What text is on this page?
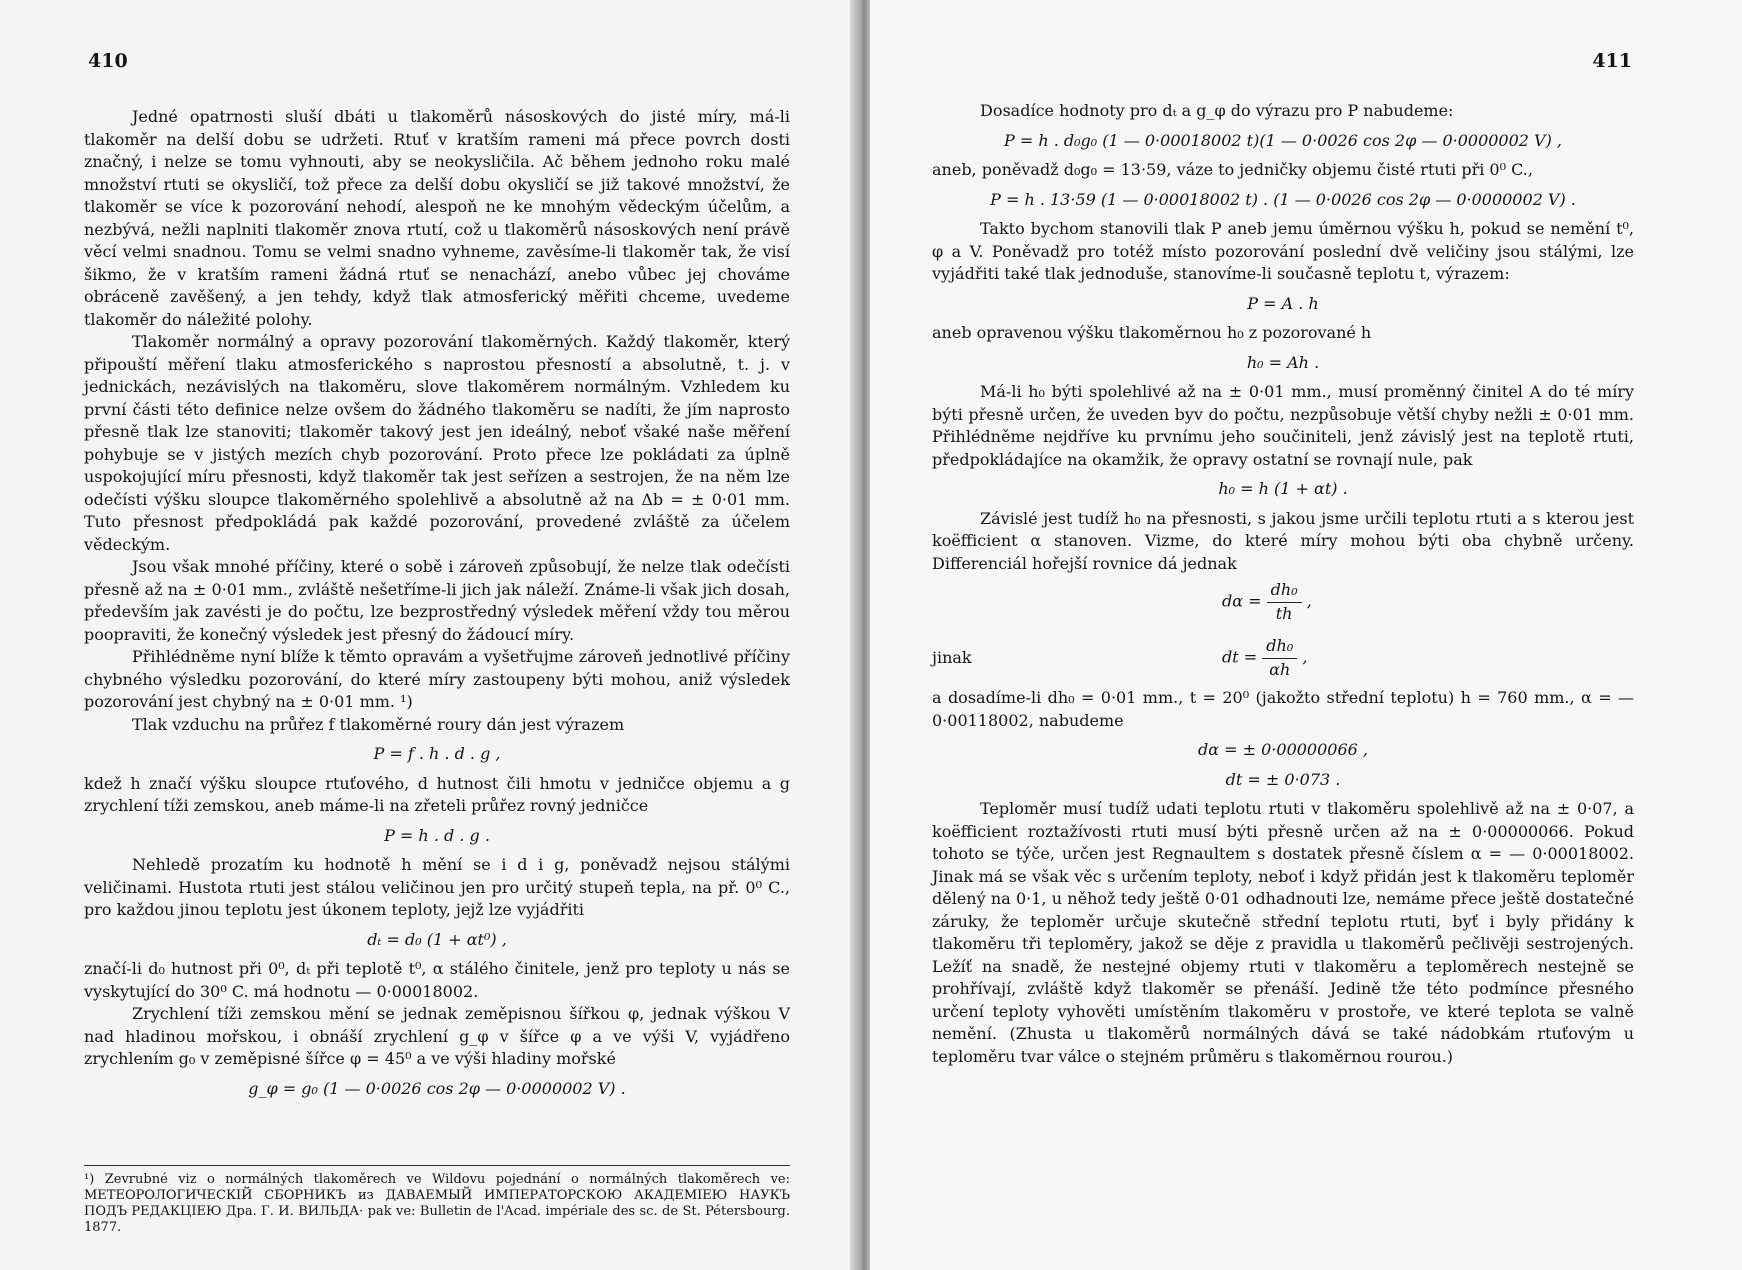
410

Jedné opatrnosti sluší dbáti u tlakoměrů násoskových do jisté míry, má-li tlakoměr na delší dobu se udržeti. Rtuť v kratším rameni má přece povrch dosti značný, i nelze se tomu vyhnouti, aby se neokysličila. Ač během jednoho roku malé množství rtuti se okysličí, tož přece za delší dobu okysličí se již takové množství, že tlakoměr se více k pozorování nehodí, alespoň ne ke mnohým vědeckým účelům, a nezbývá, nežli naplniti tlakoměr znova rtutí, což u tlakoměrů násoskových není právě věcí velmi snadnou. Tomu se velmi snadno vyhneme, zavěsíme-li tlakoměr tak, že visí šikmo, že v kratším rameni žádná rtuť se nenachází, anebo vůbec jej chováme obráceně zavěšený, a jen tehdy, když tlak atmosferický měřiti chceme, uvedeme tlakoměr do náležité polohy.

Tlakoměr normálný a opravy pozorování tlakoměrných. Každý tlakoměr, který připouští měření tlaku atmosferického s naprostou přesností a absolutně, t. j. v jednickách, nezávislých na tlakoměru, slove tlakoměrem normálným. Vzhledem ku první části této definice nelze ovšem do žádného tlakoměru se nadíti, že jím naprosto přesně tlak lze stanoviti; tlakoměr takový jest jen ideálný, neboť všaké naše měření pohybuje se v jistých mezích chyb pozorování. Proto přece lze pokládati za úplně uspokojující míru přesnosti, když tlakoměr tak jest seřízen a sestrojen, že na něm lze odečísti výšku sloupce tlakoměrného spolehlivě a absolutně až na Δb = ± 0·01 mm. Tuto přesnost předpokládá pak každé pozorování, provedené zvláště za účelem vědeckým.

Jsou však mnohé příčiny, které o sobě i zároveň způsobují, že nelze tlak odečísti přesně až na ± 0·01 mm., zvláště nešetříme-li jich jak náleží. Známe-li však jich dosah, především jak zavésti je do počtu, lze bezprostředný výsledek měření vždy tou měrou poopraviti, že konečný výsledek jest přesný do žádoucí míry.

Přihlédněme nyní blíže k těmto opravám a vyšetřujme zároveň jednotlivé příčiny chybného výsledku pozorování, do které míry zastoupeny býti mohou, aniž výsledek pozorování jest chybný na ± 0·01 mm. ¹)

Tlak vzduchu na průřez f tlakoměrné roury dán jest výrazem

P = f . h . d . g ,

kdež h značí výšku sloupce rtuťového, d hutnost čili hmotu v jedničce objemu a g zrychlení tíži zemskou, aneb máme-li na zřeteli průřez rovný jedničce

P = h . d . g .

Nehledě prozatím ku hodnotě h mění se i d i g, poněvadž nejsou stálými veličinami. Hustota rtuti jest stálou veličinou jen pro určitý stupeň tepla, na př. 0⁰ C., pro každou jinou teplotu jest úkonem teploty, jejž lze vyjádřiti

dₜ = d₀ (1 + αt⁰) ,

značí-li d₀ hutnost při 0⁰, dₜ při teplotě t⁰, α stálého činitele, jenž pro teploty u nás se vyskytující do 30⁰ C. má hodnotu — 0·00018002.

Zrychlení tíži zemskou mění se jednak zeměpisnou šířkou φ, jednak výškou V nad hladinou mořskou, i obnáší zrychlení g_φ v šířce φ a ve výši V, vyjádřeno zrychlením g₀ v zeměpisné šířce φ = 45⁰ a ve výši hladiny mořské

g_φ = g₀ (1 — 0·0026 cos 2φ — 0·0000002 V) .
¹) Zevrubné viz o normálných tlakoměrech ve Wildovu pojednání o normálných tlakoměrech ve: МЕТЕОРОЛОГИЧЕСКІЙ СБОРНИКЪ из ДАВАЕМЫЙ ИМПЕРАТОРСКОЮ АКАДЕМІЕЮ НАУКЪ ПОДЪ РЕДАКЦІЕЮ Дра. Г. И. ВИЛЬДА· pak ve: Bulletin de l'Acad. impériale des sc. de St. Pétersbourg. 1877.
411

Dosadíce hodnoty pro dₜ a g_φ do výrazu pro P nabudeme:

P = h . d₀g₀ (1 — 0·00018002 t)(1 — 0·0026 cos 2φ — 0·0000002 V) ,

aneb, poněvadž d₀g₀ = 13·59, váze to jedničky objemu čisté rtuti při 0⁰ C.,

P = h . 13·59 (1 — 0·00018002 t) . (1 — 0·0026 cos 2φ — 0·0000002 V) .

Takto bychom stanovili tlak P aneb jemu úměrnou výšku h, pokud se nemění t⁰, φ a V. Poněvadž pro totéž místo pozorování poslední dvě veličiny jsou stálými, lze vyjádřiti také tlak jednoduše, stanovíme-li současně teplotu t, výrazem:

P = A . h

aneb opravenou výšku tlakoměrnou h₀ z pozorované h

h₀ = Ah .

Má-li h₀ býti spolehlivé až na ± 0·01 mm., musí proměnný činitel A do té míry býti přesně určen, že uveden byv do počtu, nezpůsobuje větší chyby nežli ± 0·01 mm. Přihlédněme nejdříve ku prvnímu jeho součiniteli, jenž závislý jest na teplotě rtuti, předpokládajíce na okamžik, že opravy ostatní se rovnají nule, pak

h₀ = h (1 + αt) .

Závislé jest tudíž h₀ na přesnosti, s jakou jsme určili teplotu rtuti a s kterou jest koëfficient α stanoven. Vizme, do které míry mohou býti oba chybně určeny. Differenciál hořejší rovnice dá jednak

$d\alpha = \frac{\text{dh₀}}{th}$ ,
jinak	dt = $\frac{\text{dh₀}}{\alpha h}$ ,

a dosadíme-li dh₀ = 0·01 mm., t = 20⁰ (jakožto střední teplotu) h = 760 mm., α = — 0·00118002, nabudeme

dα = ± 0·00000066 ,
dt = ± 0·073 .

Teploměr musí tudíž udati teplotu rtuti v tlakoměru spolehlivě až na ± 0·07, a koëfficient roztažívosti rtuti musí býti přesně určen až na ± 0·00000066. Pokud tohoto se týče, určen jest Regnaultem s dostatek přesně číslem α = — 0·00018002. Jinak má se však věc s určením teploty, neboť i když přidán jest k tlakoměru teploměr dělený na 0·1, u něhož tedy ještě 0·01 odhadnouti lze, nemáme přece ještě dostatečné záruky, že teploměr určuje skutečně střední teplotu rtuti, byť i byly přidány k tlakoměru tři teploměry, jakož se děje z pravidla u tlakoměrů pečlivěji sestrojených. Ležíť na snadě, že nestejné objemy rtuti v tlakoměru a teploměrech nestejně se prohřívají, zvláště když tlakoměr se přenáší. Jedině tže této podmínce přesného určení teploty vyhověti umístěním tlakoměru v prostoře, ve které teplota se valně nemění. (Zhusta u tlakoměrů normálných dává se také nádobkám rtuťovým u teploměru tvar válce o stejném průměru s tlakoměrnou rourou.)
